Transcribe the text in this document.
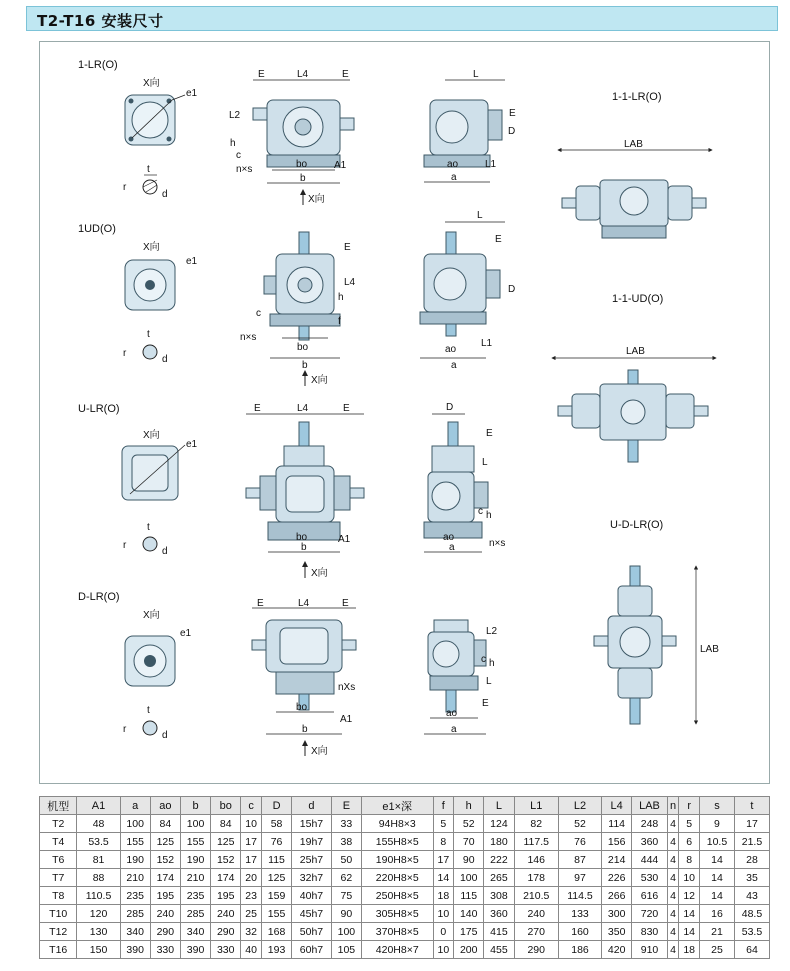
T2-T16 安装尺寸
1-LR(O)
X向
e1
t
r
d
E	L4	E
L2
h
c
n×s	bo	A1
b
X向
L
D
E
ao	L1
a
1-1-LR(O)
LAB
1UD(O)
X向
e1
t
r
d
E
L4
h
c
f
n×s
bo
b
X向
L
E
D
ao
L1
a
1-1-UD(O)
LAB
U-LR(O)
X向
e1
t
r
d
E	L4	E
bo	A1
b
X向
D
E
L
c h
ao
n×s
a
U-D-LR(O)
D-LR(O)
X向
e1
t
r
d
E	L4	E
nXs
bo
A1
b
X向
L2
c h
L
E
ao
a
LAB
机型	A1	a	ao	b	bo	c	D	d	E	e1×深	f	h	L	L1	L2	L4	LAB	n	r	s	t
T2	48	100	84	100	84	10	58	15h7	33	94H8×3	5	52	124	82	52	114	248	4	5	9	17
T4	53.5	155	125	155	125	17	76	19h7	38	155H8×5	8	70	180	117.5	76	156	360	4	6	10.5	21.5
T6	81	190	152	190	152	17	115	25h7	50	190H8×5	17	90	222	146	87	214	444	4	8	14	28
T7	88	210	174	210	174	20	125	32h7	62	220H8×5	14	100	265	178	97	226	530	4	10	14	35
T8	110.5	235	195	235	195	23	159	40h7	75	250H8×5	18	115	308	210.5	114.5	266	616	4	12	14	43
T10	120	285	240	285	240	25	155	45h7	90	305H8×5	10	140	360	240	133	300	720	4	14	16	48.5
T12	130	340	290	340	290	32	168	50h7	100	370H8×5	0	175	415	270	160	350	830	4	14	21	53.5
T16	150	390	330	390	330	40	193	60h7	105	420H8×7	10	200	455	290	186	420	910	4	18	25	64
